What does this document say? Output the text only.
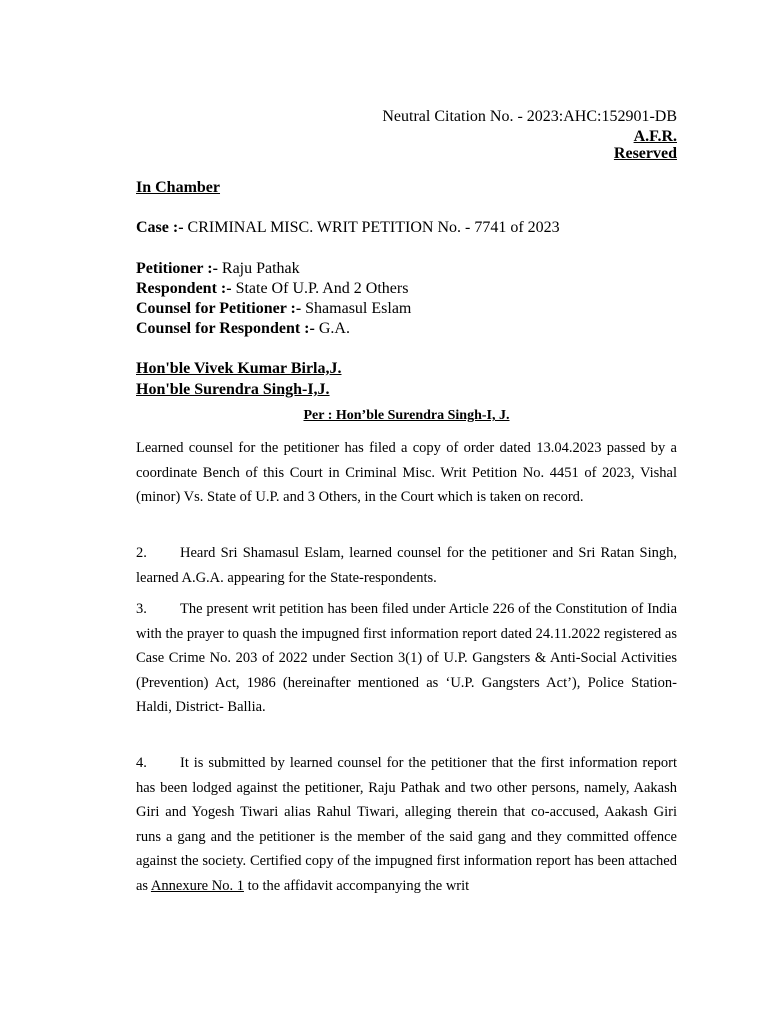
Neutral Citation No. - 2023:AHC:152901-DB
A.F.R.
Reserved
In Chamber
Case :- CRIMINAL MISC. WRIT PETITION No. - 7741 of 2023
Petitioner :- Raju Pathak
Respondent :- State Of U.P. And 2 Others
Counsel for Petitioner :- Shamasul Eslam
Counsel for Respondent :- G.A.
Hon'ble Vivek Kumar Birla,J.
Hon'ble Surendra Singh-I,J.
Per : Hon’ble Surendra Singh-I, J.

Learned counsel for the petitioner has filed a copy of order dated 13.04.2023 passed by a coordinate Bench of this Court in Criminal Misc. Writ Petition No. 4451 of 2023, Vishal (minor) Vs. State of U.P. and 3 Others, in the Court which is taken on record.

2. Heard Sri Shamasul Eslam, learned counsel for the petitioner and Sri Ratan Singh, learned A.G.A. appearing for the State-respondents.

3. The present writ petition has been filed under Article 226 of the Constitution of India with the prayer to quash the impugned first information report dated 24.11.2022 registered as Case Crime No. 203 of 2022 under Section 3(1) of U.P. Gangsters & Anti-Social Activities (Prevention) Act, 1986 (hereinafter mentioned as ‘U.P. Gangsters Act’), Police Station- Haldi, District- Ballia.

4. It is submitted by learned counsel for the petitioner that the first information report has been lodged against the petitioner, Raju Pathak and two other persons, namely, Aakash Giri and Yogesh Tiwari alias Rahul Tiwari, alleging therein that co-accused, Aakash Giri runs a gang and the petitioner is the member of the said gang and they committed offence against the society. Certified copy of the impugned first information report has been attached as Annexure No. 1 to the affidavit accompanying the writ
